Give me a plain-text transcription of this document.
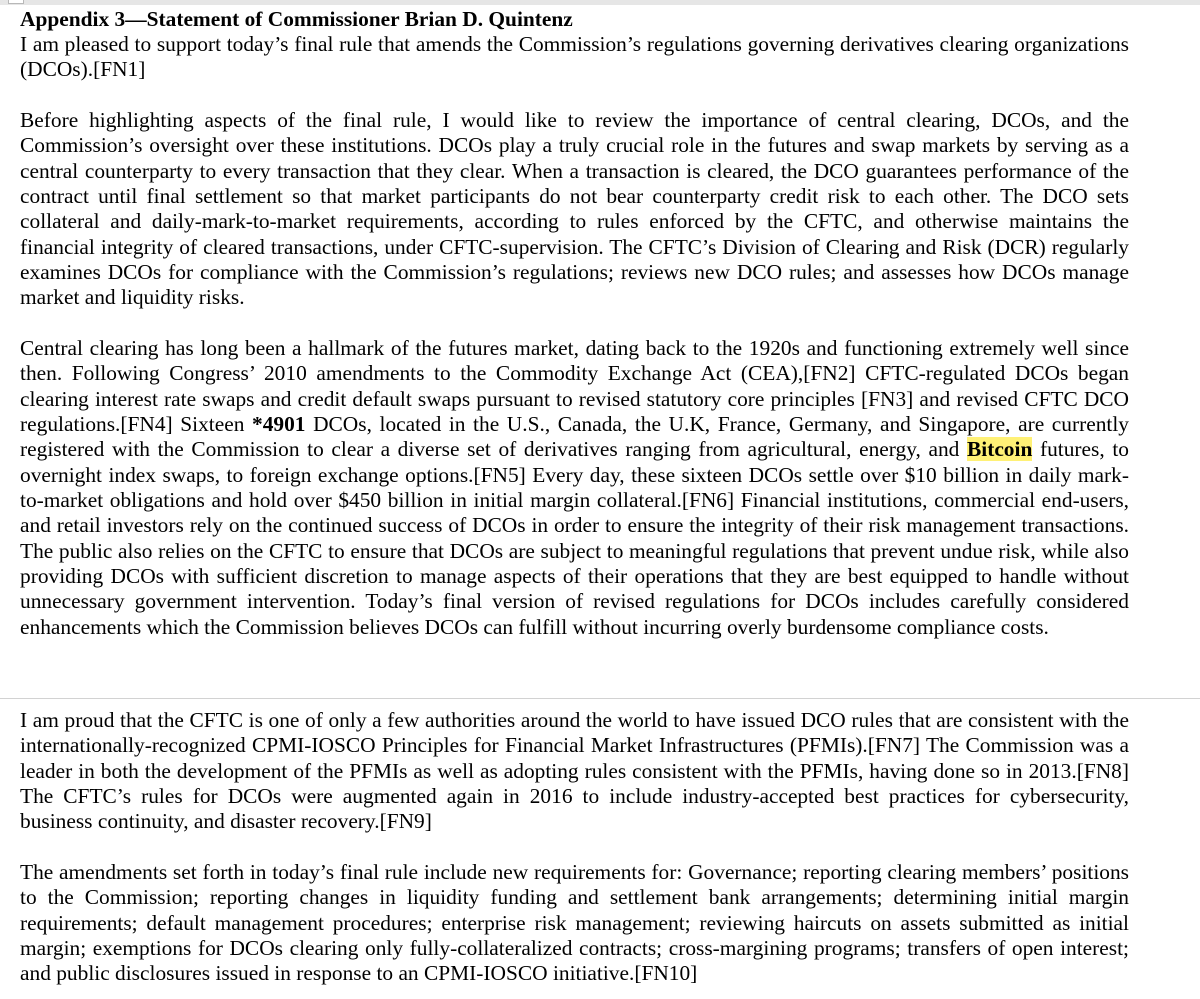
Appendix 3—Statement of Commissioner Brian D. Quintenz

I am pleased to support today’s final rule that amends the Commission’s regulations governing derivatives clearing organizations (DCOs).[FN1]

Before highlighting aspects of the final rule, I would like to review the importance of central clearing, DCOs, and the Commission’s oversight over these institutions. DCOs play a truly crucial role in the futures and swap markets by serving as a central counterparty to every transaction that they clear. When a transaction is cleared, the DCO guarantees performance of the contract until final settlement so that market participants do not bear counterparty credit risk to each other. The DCO sets collateral and daily-mark-to-market requirements, according to rules enforced by the CFTC, and otherwise maintains the financial integrity of cleared transactions, under CFTC-supervision. The CFTC’s Division of Clearing and Risk (DCR) regularly examines DCOs for compliance with the Commission’s regulations; reviews new DCO rules; and assesses how DCOs manage market and liquidity risks.

Central clearing has long been a hallmark of the futures market, dating back to the 1920s and functioning extremely well since then. Following Congress’ 2010 amendments to the Commodity Exchange Act (CEA),[FN2] CFTC-regulated DCOs began clearing interest rate swaps and credit default swaps pursuant to revised statutory core principles [FN3] and revised CFTC DCO regulations.[FN4] Sixteen *4901 DCOs, located in the U.S., Canada, the U.K, France, Germany, and Singapore, are currently registered with the Commission to clear a diverse set of derivatives ranging from agricultural, energy, and Bitcoin futures, to overnight index swaps, to foreign exchange options.[FN5] Every day, these sixteen DCOs settle over $10 billion in daily mark-to-market obligations and hold over $450 billion in initial margin collateral.[FN6] Financial institutions, commercial end-users, and retail investors rely on the continued success of DCOs in order to ensure the integrity of their risk management transactions. The public also relies on the CFTC to ensure that DCOs are subject to meaningful regulations that prevent undue risk, while also providing DCOs with sufficient discretion to manage aspects of their operations that they are best equipped to handle without unnecessary government intervention. Today’s final version of revised regulations for DCOs includes carefully considered enhancements which the Commission believes DCOs can fulfill without incurring overly burdensome compliance costs.

I am proud that the CFTC is one of only a few authorities around the world to have issued DCO rules that are consistent with the internationally-recognized CPMI-IOSCO Principles for Financial Market Infrastructures (PFMIs).[FN7] The Commission was a leader in both the development of the PFMIs as well as adopting rules consistent with the PFMIs, having done so in 2013.[FN8] The CFTC’s rules for DCOs were augmented again in 2016 to include industry-accepted best practices for cybersecurity, business continuity, and disaster recovery.[FN9]

The amendments set forth in today’s final rule include new requirements for: Governance; reporting clearing members’ positions to the Commission; reporting changes in liquidity funding and settlement bank arrangements; determining initial margin requirements; default management procedures; enterprise risk management; reviewing haircuts on assets submitted as initial margin; exemptions for DCOs clearing only fully-collateralized contracts; cross-margining programs; transfers of open interest; and public disclosures issued in response to an CPMI-IOSCO initiative.[FN10]
